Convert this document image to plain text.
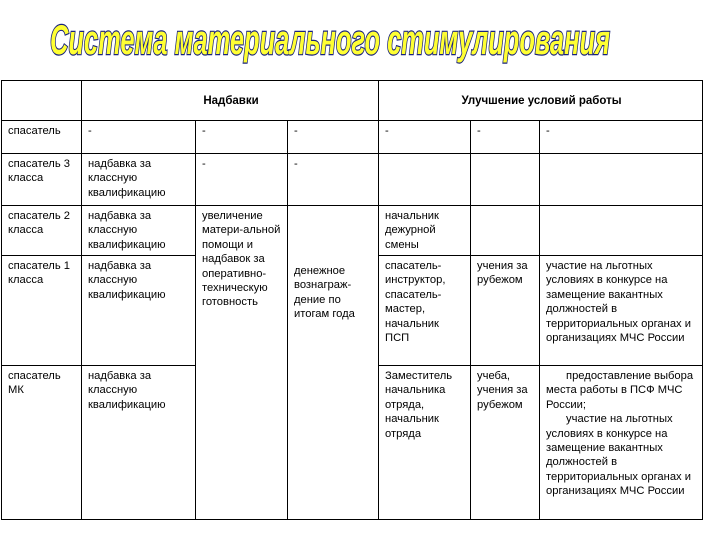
Система материального стимулирования
	Надбавки			Улучшение условий работы		
спасатель	-	-	-	-	-	-
спасатель 3 класса	надбавка за классную квалификацию	-	-			
спасатель 2 класса	надбавка за классную квалификацию	увеличение матери-альной помощи и надбавок за оперативно-техническую готовность	денежное вознаграж-дение по итогам года	начальник дежурной смены		
спасатель 1 класса	надбавка за классную квалификацию			спасатель-инструктор, спасатель-мастер, начальник ПСП	учения за рубежом	участие на льготных условиях в конкурсе на замещение вакантных должностей в территориальных органах и организациях МЧС России
спасатель МК	надбавка за классную квалификацию			Заместитель начальника отряда, начальник отряда	учеба, учения за рубежом	предоставление выбора места работы в ПСФ МЧС России;
участие на льготных условиях в конкурсе на замещение вакантных должностей в территориальных органах и организациях МЧС России
